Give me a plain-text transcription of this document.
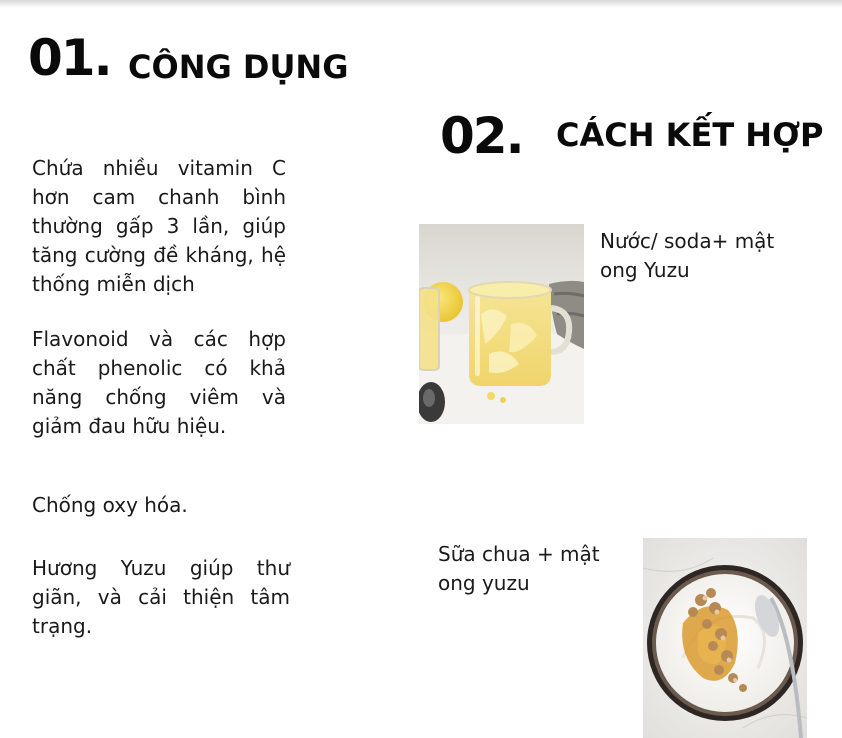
01. CÔNG DỤNG

Chứa nhiều vitamin C hơn cam chanh bình thường gấp 3 lần, giúp tăng cường đề kháng, hệ thống miễn dịch

Flavonoid và các hợp chất phenolic có khả năng chống viêm và giảm đau hữu hiệu.

Chống oxy hóa.

Hương Yuzu giúp thư giãn, và cải thiện tâm trạng.

02. CÁCH KẾT HỢP

Nước/ soda+ mật ong Yuzu

Sữa chua + mật ong yuzu
